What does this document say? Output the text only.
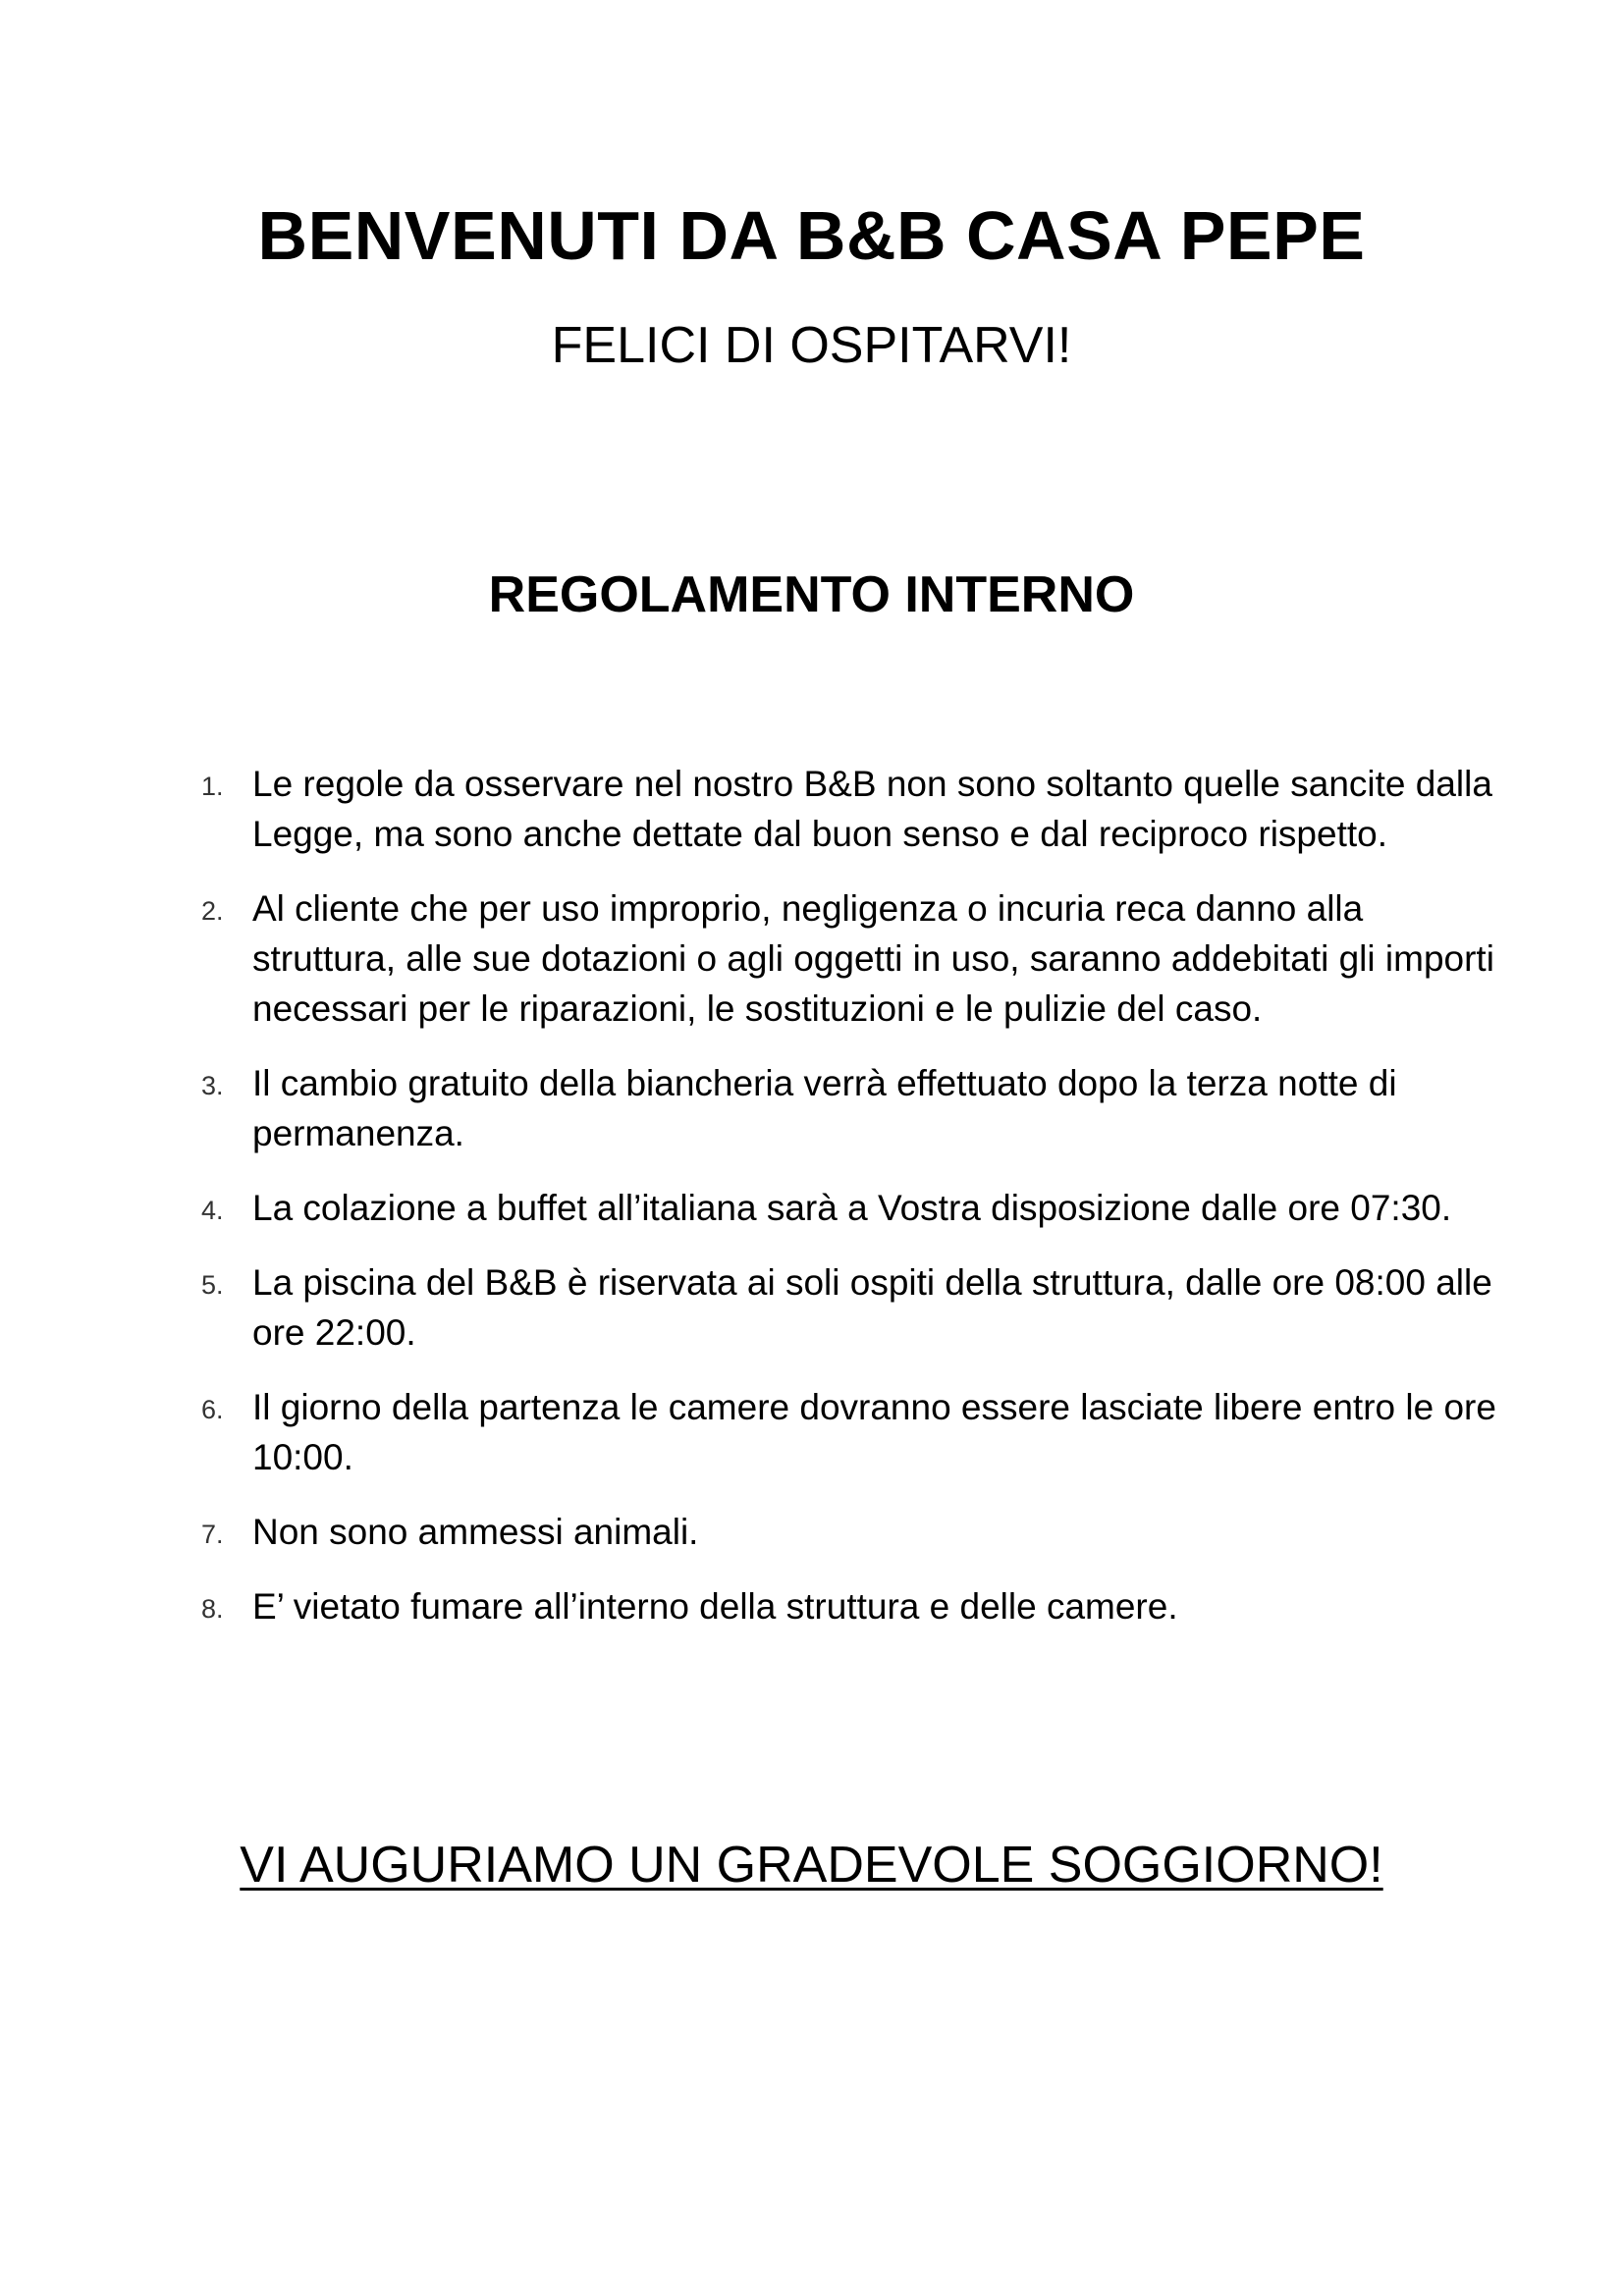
BENVENUTI DA B&B CASA PEPE

FELICI DI OSPITARVI!

REGOLAMENTO INTERNO
1. Le regole da osservare nel nostro B&B non sono soltanto quelle sancite dalla Legge, ma sono anche dettate dal buon senso e dal reciproco rispetto.
2. Al cliente che per uso improprio, negligenza o incuria reca danno alla struttura, alle sue dotazioni o agli oggetti in uso, saranno addebitati gli importi necessari per le riparazioni, le sostituzioni e le pulizie del caso.
3. Il cambio gratuito della biancheria verrà effettuato dopo la terza notte di permanenza.
4. La colazione a buffet all’italiana sarà a Vostra disposizione dalle ore 07:30.
5. La piscina del B&B è riservata ai soli ospiti della struttura, dalle ore 08:00 alle ore 22:00.
6. Il giorno della partenza le camere dovranno essere lasciate libere entro le ore 10:00.
7. Non sono ammessi animali.
8. E’ vietato fumare all’interno della struttura e delle camere.

VI AUGURIAMO UN GRADEVOLE SOGGIORNO!
